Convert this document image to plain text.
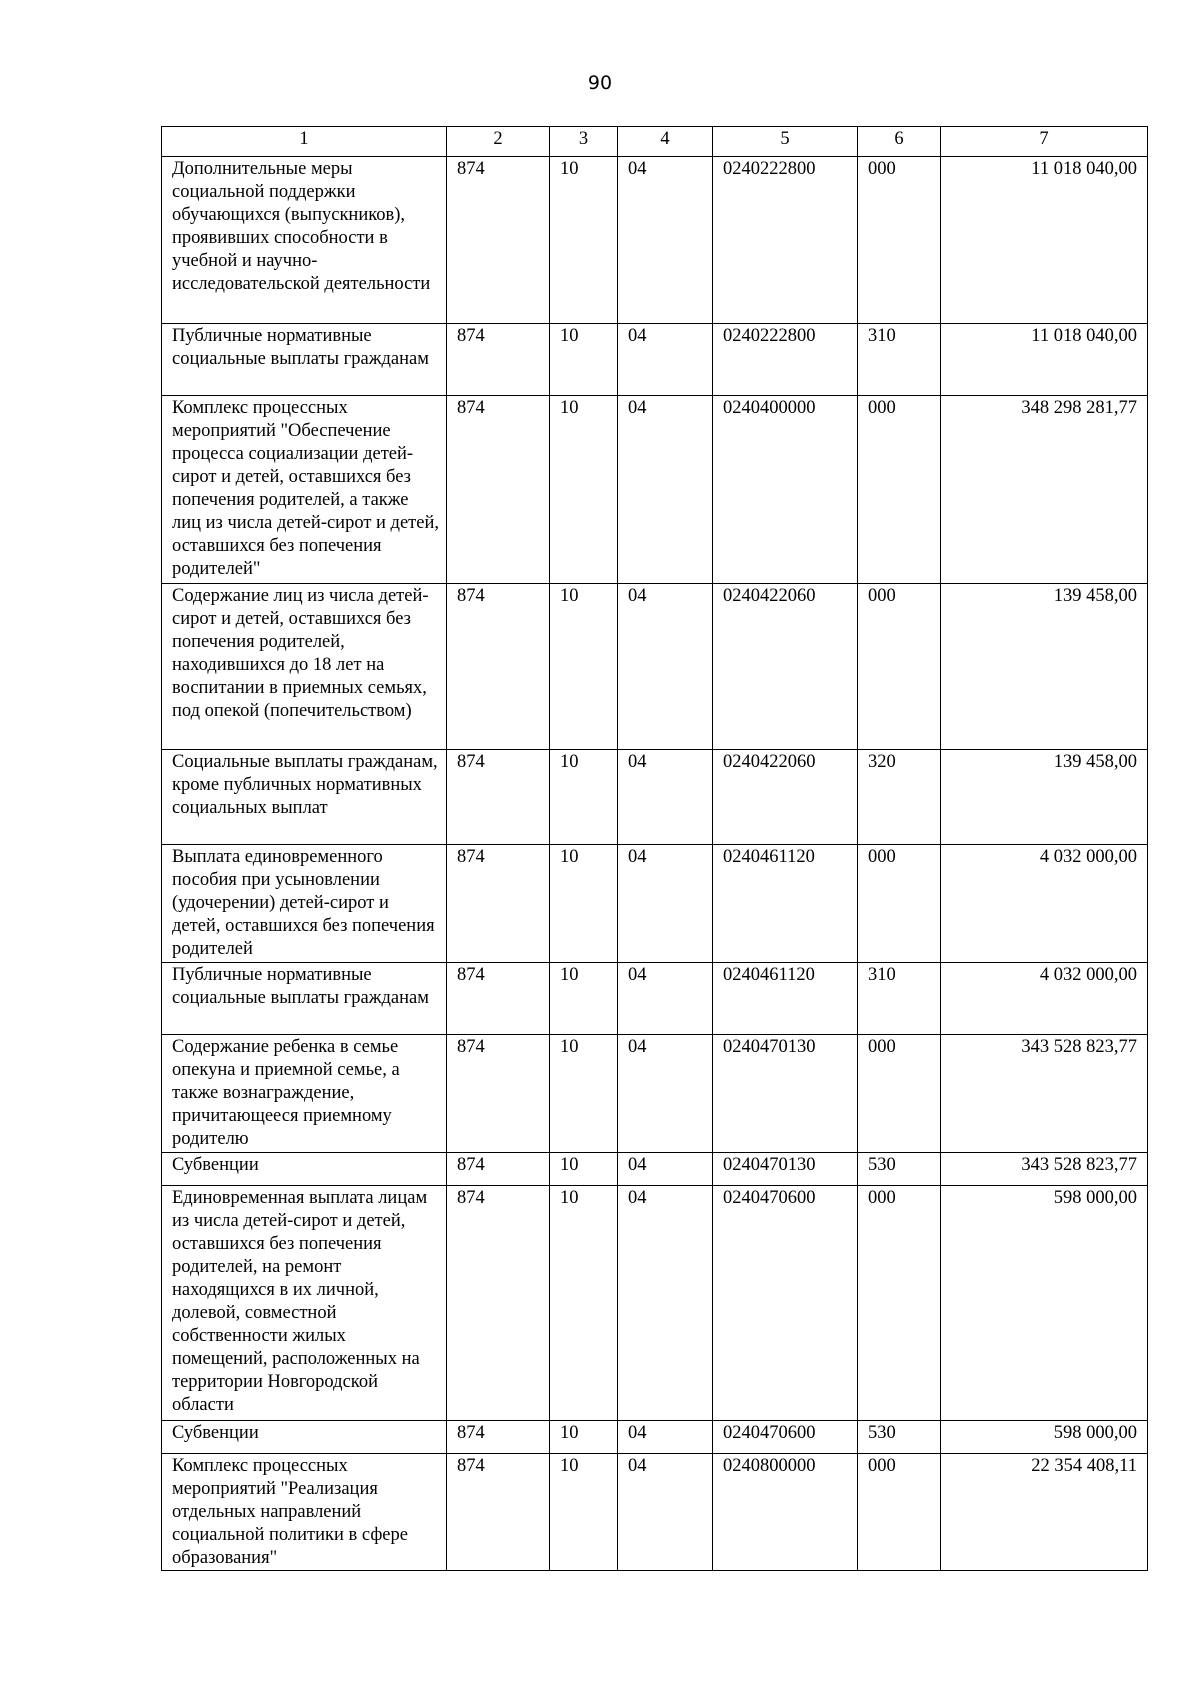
90
1	2	3	4	5	6	7
Дополнительные меры социальной поддержки обучающихся (выпускников), проявивших способности в учебной и научно-исследовательской деятельности	874	10	04	0240222800	000	11 018 040,00
Публичные нормативные социальные выплаты гражданам	874	10	04	0240222800	310	11 018 040,00
Комплекс процессных мероприятий "Обеспечение процесса социализации детей-сирот и детей, оставшихся без попечения родителей, а также лиц из числа детей-сирот и детей, оставшихся без попечения родителей"	874	10	04	0240400000	000	348 298 281,77
Содержание лиц из числа детей-сирот и детей, оставшихся без попечения родителей, находившихся до 18 лет на воспитании в приемных семьях, под опекой (попечительством)	874	10	04	0240422060	000	139 458,00
Социальные выплаты гражданам, кроме публичных нормативных социальных выплат	874	10	04	0240422060	320	139 458,00
Выплата единовременного пособия при усыновлении (удочерении) детей-сирот и детей, оставшихся без попечения родителей	874	10	04	0240461120	000	4 032 000,00
Публичные нормативные социальные выплаты гражданам	874	10	04	0240461120	310	4 032 000,00
Содержание ребенка в семье опекуна и приемной семье, а также вознаграждение, причитающееся приемному родителю	874	10	04	0240470130	000	343 528 823,77
Субвенции	874	10	04	0240470130	530	343 528 823,77
Единовременная выплата лицам из числа детей-сирот и детей, оставшихся без попечения родителей, на ремонт находящихся в их личной, долевой, совместной собственности жилых помещений, расположенных на территории Новгородской области	874	10	04	0240470600	000	598 000,00
Субвенции	874	10	04	0240470600	530	598 000,00
Комплекс процессных мероприятий "Реализация отдельных направлений социальной политики в сфере образования"	874	10	04	0240800000	000	22 354 408,11
